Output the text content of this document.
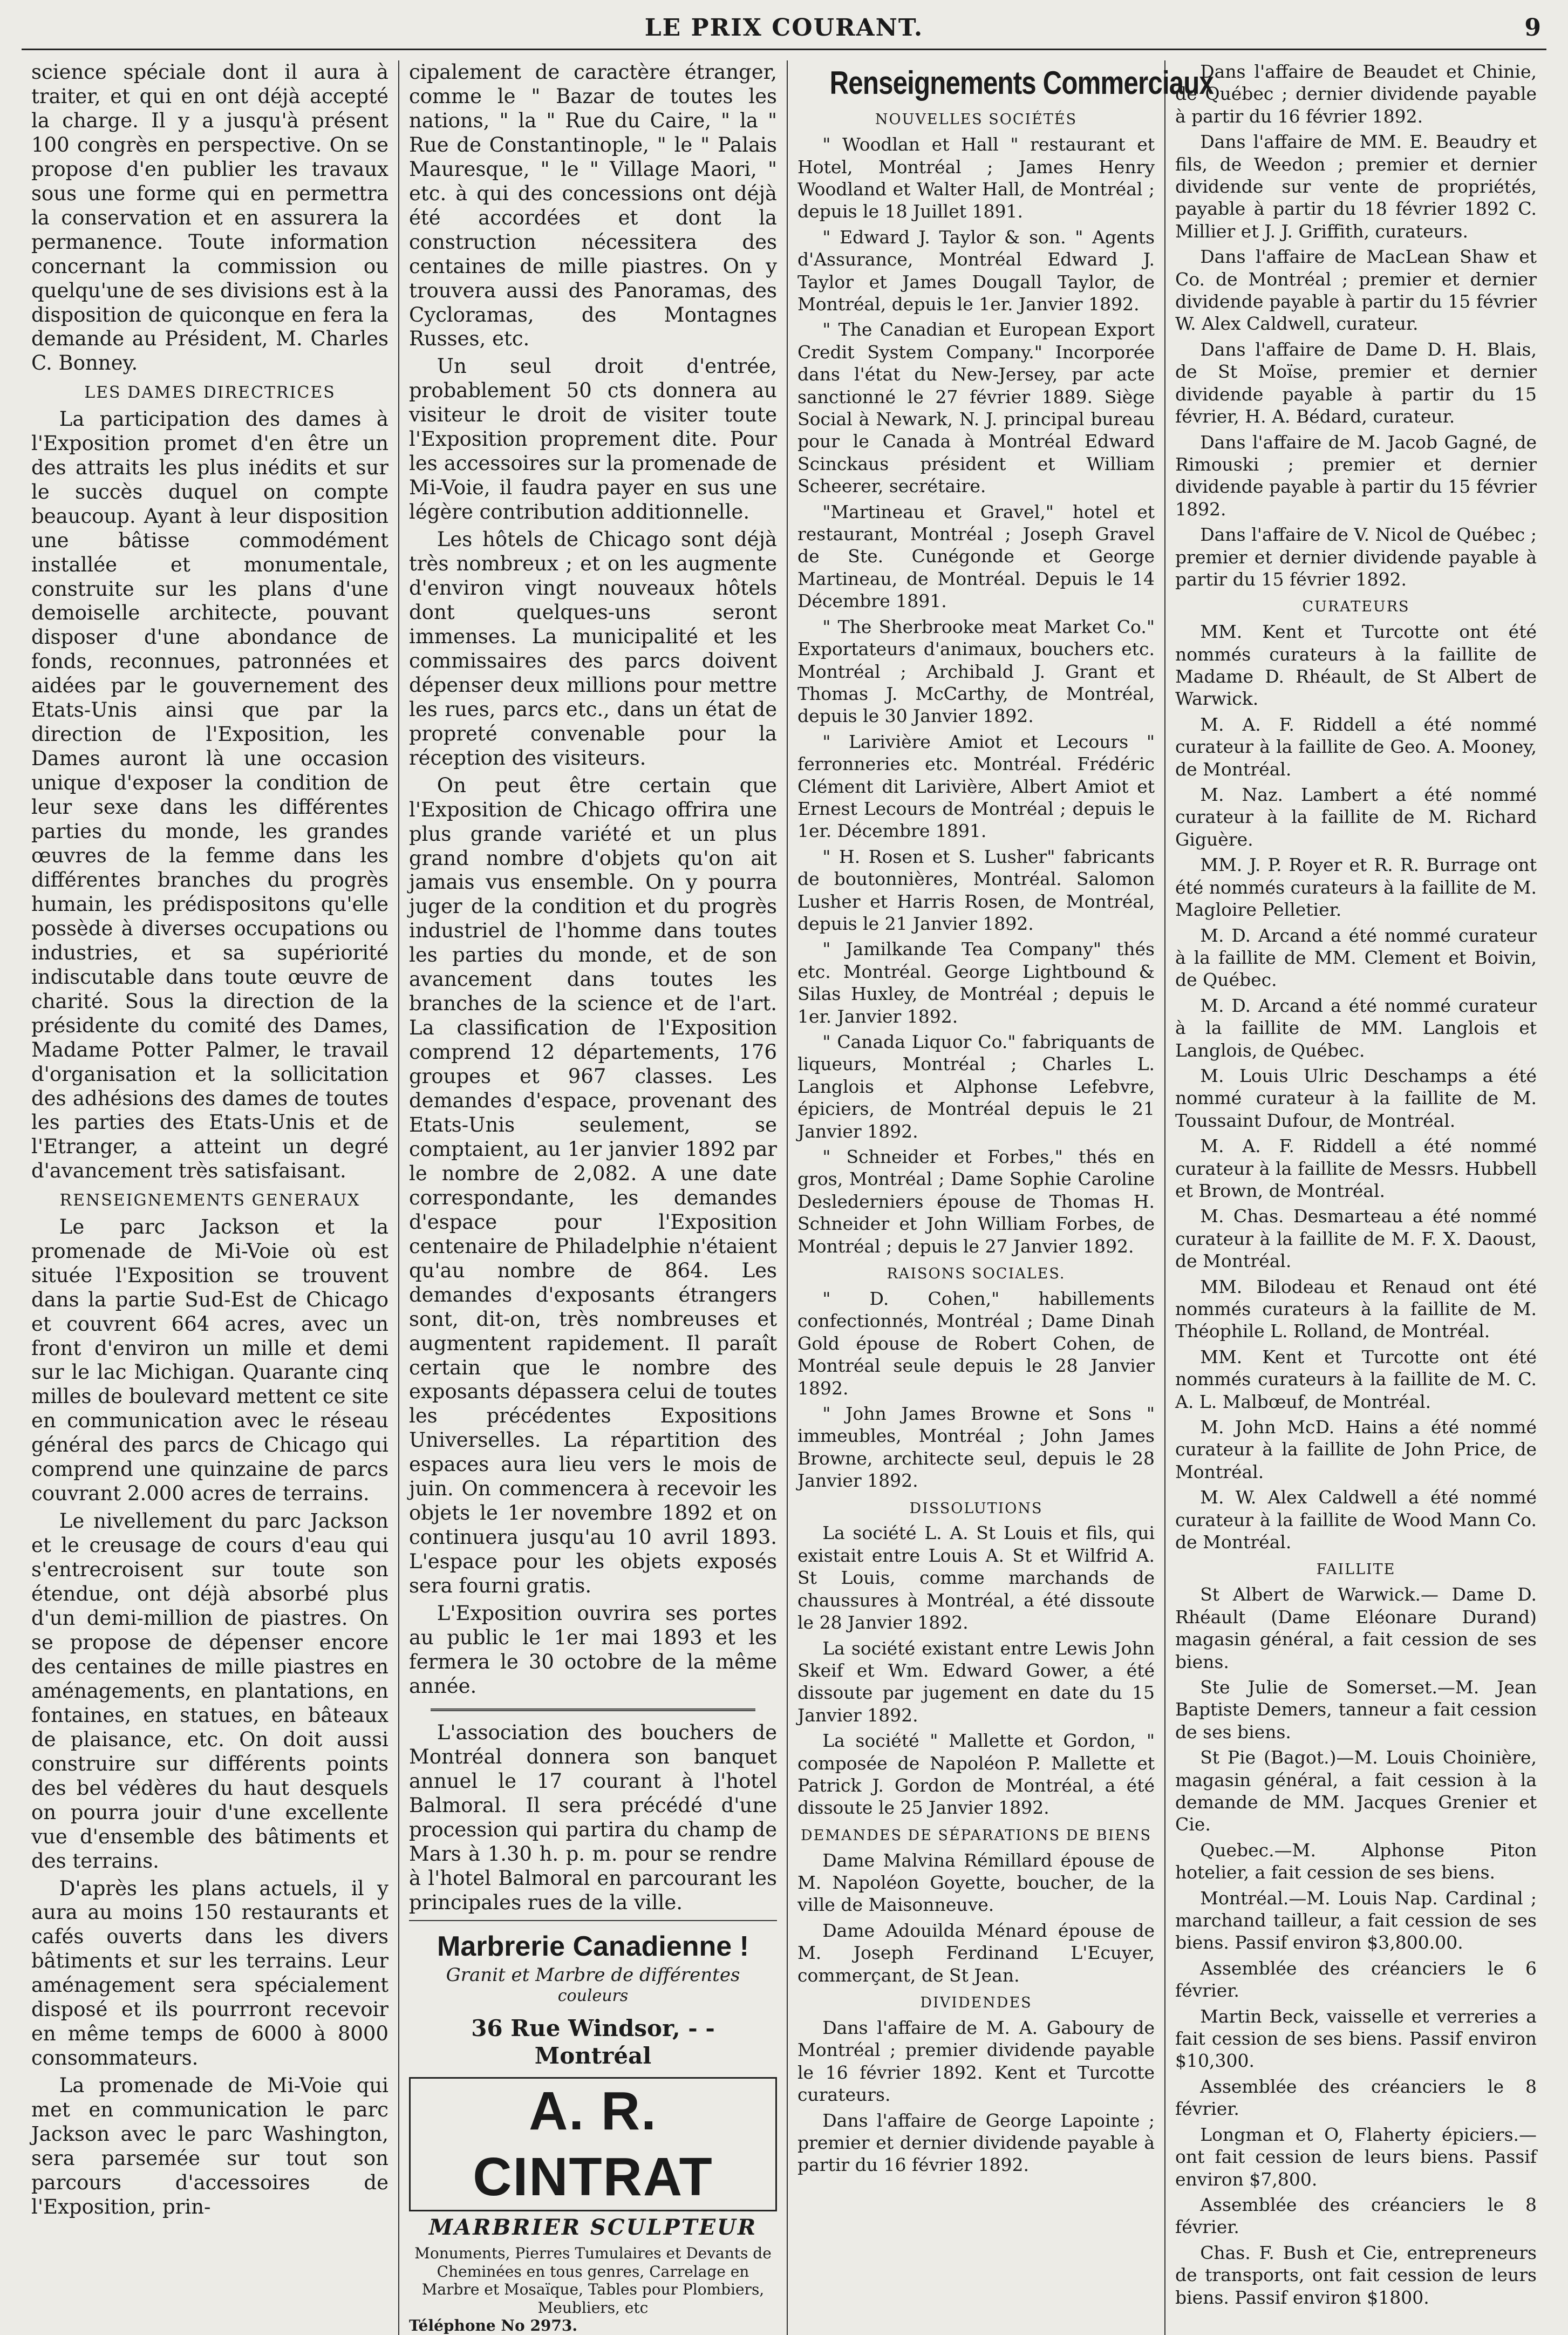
LE PRIX COURANT.	9

science spéciale dont il aura à traiter, et qui en ont déjà accepté la charge. Il y a jusqu'à présent 100 congrès en perspective. On se propose d'en publier les travaux sous une forme qui en permettra la conservation et en assurera la permanence. Toute information concernant la commission ou quelqu'une de ses divisions est à la disposition de quiconque en fera la demande au Président, M. Charles C. Bonney.

LES DAMES DIRECTRICES

La participation des dames à l'Exposition promet d'en être un des attraits les plus inédits et sur le succès duquel on compte beaucoup. Ayant à leur disposition une bâtisse commodément installée et monumentale, construite sur les plans d'une demoiselle architecte, pouvant disposer d'une abondance de fonds, reconnues, patronnées et aidées par le gouvernement des Etats-Unis ainsi que par la direction de l'Exposition, les Dames auront là une occasion unique d'exposer la condition de leur sexe dans les différentes parties du monde, les grandes œuvres de la femme dans les différentes branches du progrès humain, les prédispositons qu'elle possède à diverses occupations ou industries, et sa supériorité indiscutable dans toute œuvre de charité. Sous la direction de la présidente du comité des Dames, Madame Potter Palmer, le travail d'organisation et la sollicitation des adhésions des dames de toutes les parties des Etats-Unis et de l'Etranger, a atteint un degré d'avancement très satisfaisant.

RENSEIGNEMENTS GENERAUX

Le parc Jackson et la promenade de Mi-Voie où est située l'Exposition se trouvent dans la partie Sud-Est de Chicago et couvrent 664 acres, avec un front d'environ un mille et demi sur le lac Michigan. Quarante cinq milles de boulevard mettent ce site en communication avec le réseau général des parcs de Chicago qui comprend une quinzaine de parcs couvrant 2.000 acres de terrains.

Le nivellement du parc Jackson et le creusage de cours d'eau qui s'entrecroisent sur toute son étendue, ont déjà absorbé plus d'un demi-million de piastres. On se propose de dépenser encore des centaines de mille piastres en aménagements, en plantations, en fontaines, en statues, en bâteaux de plaisance, etc. On doit aussi construire sur différents points des bel védères du haut desquels on pourra jouir d'une excellente vue d'ensemble des bâtiments et des terrains.

D'après les plans actuels, il y aura au moins 150 restaurants et cafés ouverts dans les divers bâtiments et sur les terrains. Leur aménagement sera spécialement disposé et ils pourrront recevoir en même temps de 6000 à 8000 consommateurs.

La promenade de Mi-Voie qui met en communication le parc Jackson avec le parc Washington, sera parsemée sur tout son parcours d'accessoires de l'Exposition, prin-

cipalement de caractère étranger, comme le " Bazar de toutes les nations, " la " Rue du Caire, " la " Rue de Constantinople, " le " Palais Mauresque, " le " Village Maori, " etc. à qui des concessions ont déjà été accordées et dont la construction nécessitera des centaines de mille piastres. On y trouvera aussi des Panoramas, des Cycloramas, des Montagnes Russes, etc.

Un seul droit d'entrée, probablement 50 cts donnera au visiteur le droit de visiter toute l'Exposition proprement dite. Pour les accessoires sur la promenade de Mi-Voie, il faudra payer en sus une légère contribution additionnelle.

Les hôtels de Chicago sont déjà très nombreux ; et on les augmente d'environ vingt nouveaux hôtels dont quelques-uns seront immenses. La municipalité et les commissaires des parcs doivent dépenser deux millions pour mettre les rues, parcs etc., dans un état de propreté convenable pour la réception des visiteurs.

On peut être certain que l'Exposition de Chicago offrira une plus grande variété et un plus grand nombre d'objets qu'on ait jamais vus ensemble. On y pourra juger de la condition et du progrès industriel de l'homme dans toutes les parties du monde, et de son avancement dans toutes les branches de la science et de l'art. La classification de l'Exposition comprend 12 départements, 176 groupes et 967 classes. Les demandes d'espace, provenant des Etats-Unis seulement, se comptaient, au 1er janvier 1892 par le nombre de 2,082. A une date correspondante, les demandes d'espace pour l'Exposition centenaire de Philadelphie n'étaient qu'au nombre de 864. Les demandes d'exposants étrangers sont, dit-on, très nombreuses et augmentent rapidement. Il paraît certain que le nombre des exposants dépassera celui de toutes les précédentes Expositions Universelles. La répartition des espaces aura lieu vers le mois de juin. On commencera à recevoir les objets le 1er novembre 1892 et on continuera jusqu'au 10 avril 1893. L'espace pour les objets exposés sera fourni gratis.

L'Exposition ouvrira ses portes au public le 1er mai 1893 et les fermera le 30 octobre de la même année.

L'association des bouchers de Montréal donnera son banquet annuel le 17 courant à l'hotel Balmoral. Il sera précédé d'une procession qui partira du champ de Mars à 1.30 h. p. m. pour se rendre à l'hotel Balmoral en parcourant les principales rues de la ville.

Marbrerie Canadienne !
Granit et Marbre de différentes
couleurs
36 Rue Windsor, - - Montréal
A. R. CINTRAT
MARBRIER SCULPTEUR
Monuments, Pierres Tumulaires et Devants de Cheminées en tous genres, Carrelage en Marbre et Mosaïque, Tables pour Plombiers, Meubliers, etc
Téléphone No 2973.
Renseignements Commerciaux
NOUVELLES SOCIÉTÉS

" Woodlan et Hall " restaurant et Hotel, Montréal ; James Henry Woodland et Walter Hall, de Montréal ; depuis le 18 Juillet 1891.

" Edward J. Taylor & son. " Agents d'Assurance, Montréal Edward J. Taylor et James Dougall Taylor, de Montréal, depuis le 1er. Janvier 1892.

" The Canadian et European Export Credit System Company." Incorporée dans l'état du New-Jersey, par acte sanctionné le 27 février 1889. Siège Social à Newark, N. J. principal bureau pour le Canada à Montréal Edward Scinckaus président et William Scheerer, secrétaire.

"Martineau et Gravel," hotel et restaurant, Montréal ; Joseph Gravel de Ste. Cunégonde et George Martineau, de Montréal. Depuis le 14 Décembre 1891.

" The Sherbrooke meat Market Co." Exportateurs d'animaux, bouchers etc. Montréal ; Archibald J. Grant et Thomas J. McCarthy, de Montréal, depuis le 30 Janvier 1892.

" Larivière Amiot et Lecours " ferronneries etc. Montréal. Frédéric Clément dit Larivière, Albert Amiot et Ernest Lecours de Montréal ; depuis le 1er. Décembre 1891.

" H. Rosen et S. Lusher" fabricants de boutonnières, Montréal. Salomon Lusher et Harris Rosen, de Montréal, depuis le 21 Janvier 1892.

" Jamilkande Tea Company" thés etc. Montréal. George Lightbound & Silas Huxley, de Montréal ; depuis le 1er. Janvier 1892.

" Canada Liquor Co." fabriquants de liqueurs, Montréal ; Charles L. Langlois et Alphonse Lefebvre, épiciers, de Montréal depuis le 21 Janvier 1892.

" Schneider et Forbes," thés en gros, Montréal ; Dame Sophie Caroline Deslederniers épouse de Thomas H. Schneider et John William Forbes, de Montréal ; depuis le 27 Janvier 1892.

RAISONS SOCIALES.

" D. Cohen," habillements confectionnés, Montréal ; Dame Dinah Gold épouse de Robert Cohen, de Montréal seule depuis le 28 Janvier 1892.

" John James Browne et Sons " immeubles, Montréal ; John James Browne, architecte seul, depuis le 28 Janvier 1892.

DISSOLUTIONS

La société L. A. St Louis et fils, qui existait entre Louis A. St et Wilfrid A. St Louis, comme marchands de chaussures à Montréal, a été dissoute le 28 Janvier 1892.

La société existant entre Lewis John Skeif et Wm. Edward Gower, a été dissoute par jugement en date du 15 Janvier 1892.

La société " Mallette et Gordon, " composée de Napoléon P. Mallette et Patrick J. Gordon de Montréal, a été dissoute le 25 Janvier 1892.

DEMANDES DE SÉPARATIONS DE BIENS

Dame Malvina Rémillard épouse de M. Napoléon Goyette, boucher, de la ville de Maisonneuve.

Dame Adouilda Ménard épouse de M. Joseph Ferdinand L'Ecuyer, commerçant, de St Jean.

DIVIDENDES

Dans l'affaire de M. A. Gaboury de Montréal ; premier dividende payable le 16 février 1892. Kent et Turcotte curateurs.

Dans l'affaire de George Lapointe ; premier et dernier dividende payable à partir du 16 février 1892.

Dans l'affaire de Beaudet et Chinie, de Québec ; dernier dividende payable à partir du 16 février 1892.

Dans l'affaire de MM. E. Beaudry et fils, de Weedon ; premier et dernier dividende sur vente de propriétés, payable à partir du 18 février 1892 C. Millier et J. J. Griffith, curateurs.

Dans l'affaire de MacLean Shaw et Co. de Montréal ; premier et dernier dividende payable à partir du 15 février W. Alex Caldwell, curateur.

Dans l'affaire de Dame D. H. Blais, de St Moïse, premier et dernier dividende payable à partir du 15 février, H. A. Bédard, curateur.

Dans l'affaire de M. Jacob Gagné, de Rimouski ; premier et dernier dividende payable à partir du 15 février 1892.

Dans l'affaire de V. Nicol de Québec ; premier et dernier dividende payable à partir du 15 février 1892.

CURATEURS

MM. Kent et Turcotte ont été nommés curateurs à la faillite de Madame D. Rhéault, de St Albert de Warwick.

M. A. F. Riddell a été nommé curateur à la faillite de Geo. A. Mooney, de Montréal.

M. Naz. Lambert a été nommé curateur à la faillite de M. Richard Giguère.

MM. J. P. Royer et R. R. Burrage ont été nommés curateurs à la faillite de M. Magloire Pelletier.

M. D. Arcand a été nommé curateur à la faillite de MM. Clement et Boivin, de Québec.

M. D. Arcand a été nommé curateur à la faillite de MM. Langlois et Langlois, de Québec.

M. Louis Ulric Deschamps a été nommé curateur à la faillite de M. Toussaint Dufour, de Montréal.

M. A. F. Riddell a été nommé curateur à la faillite de Messrs. Hubbell et Brown, de Montréal.

M. Chas. Desmarteau a été nommé curateur à la faillite de M. F. X. Daoust, de Montréal.

MM. Bilodeau et Renaud ont été nommés curateurs à la faillite de M. Théophile L. Rolland, de Montréal.

MM. Kent et Turcotte ont été nommés curateurs à la faillite de M. C. A. L. Malbœuf, de Montréal.

M. John McD. Hains a été nommé curateur à la faillite de John Price, de Montréal.

M. W. Alex Caldwell a été nommé curateur à la faillite de Wood Mann Co. de Montréal.

FAILLITE

St Albert de Warwick.— Dame D. Rhéault (Dame Eléonare Durand) magasin général, a fait cession de ses biens.

Ste Julie de Somerset.—M. Jean Baptiste Demers, tanneur a fait cession de ses biens.

St Pie (Bagot.)—M. Louis Choinière, magasin général, a fait cession à la demande de MM. Jacques Grenier et Cie.

Quebec.—M. Alphonse Piton hotelier, a fait cession de ses biens.

Montréal.—M. Louis Nap. Cardinal ; marchand tailleur, a fait cession de ses biens. Passif environ $3,800.00.

Assemblée des créanciers le 6 février.

Martin Beck, vaisselle et verreries a fait cession de ses biens. Passif environ $10,300.

Assemblée des créanciers le 8 février.

Longman et O, Flaherty épiciers.—ont fait cession de leurs biens. Passif environ $7,800.

Assemblée des créanciers le 8 février.

Chas. F. Bush et Cie, entrepreneurs de transports, ont fait cession de leurs biens. Passif environ $1800.
